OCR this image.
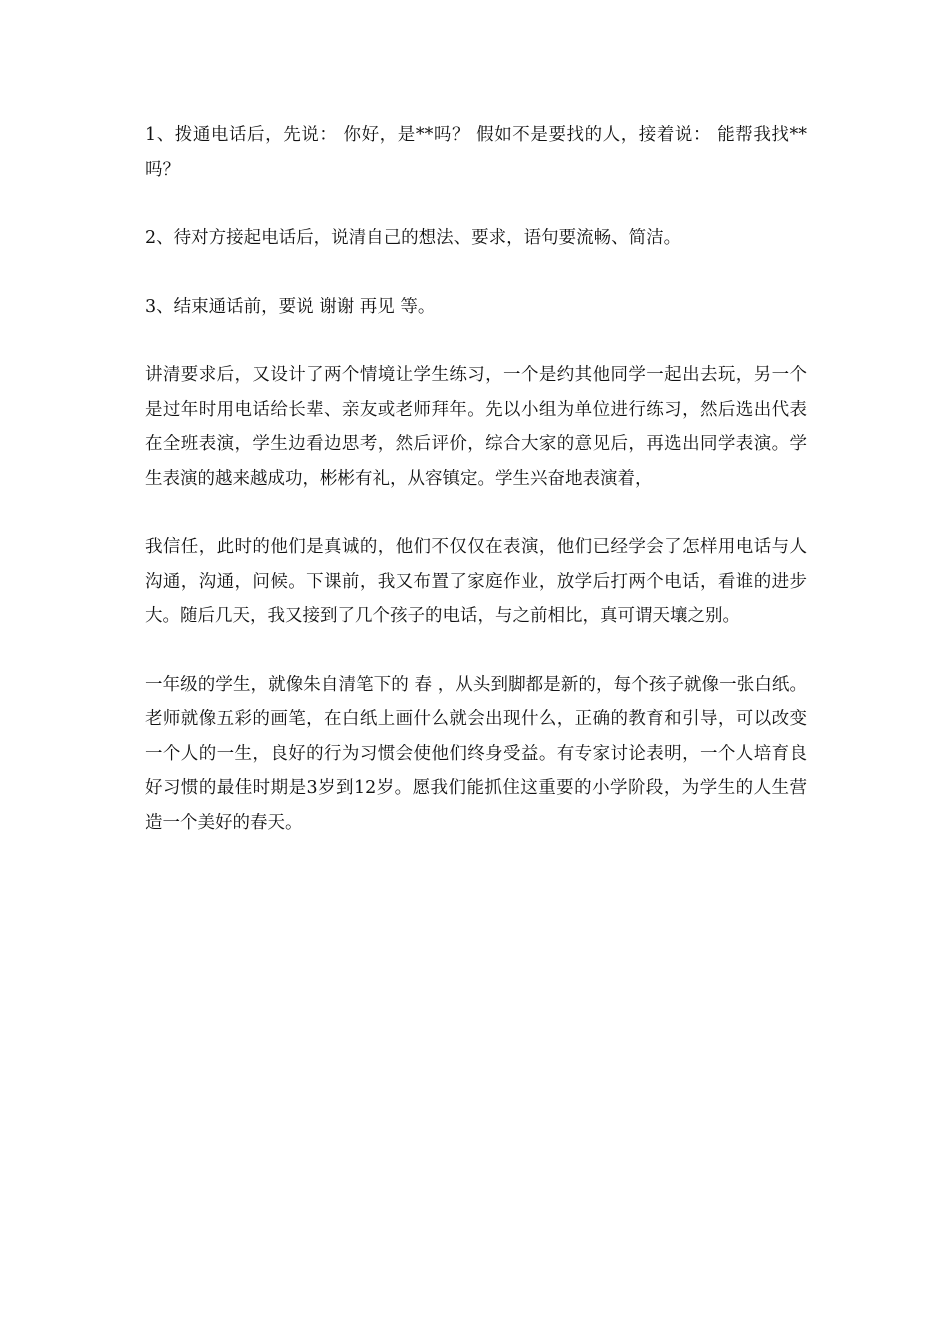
1、拨通电话后，先说： 你好，是**吗？ 假如不是要找的人，接着说： 能帮我找**吗？

2、待对方接起电话后，说清自己的想法、要求，语句要流畅、简洁。

3、结束通话前，要说 谢谢 再见 等。

讲清要求后，又设计了两个情境让学生练习，一个是约其他同学一起出去玩，另一个是过年时用电话给长辈、亲友或老师拜年。先以小组为单位进行练习，然后选出代表在全班表演，学生边看边思考，然后评价，综合大家的意见后，再选出同学表演。学生表演的越来越成功，彬彬有礼，从容镇定。学生兴奋地表演着，

我信任，此时的他们是真诚的，他们不仅仅在表演，他们已经学会了怎样用电话与人沟通，沟通，问候。下课前，我又布置了家庭作业，放学后打两个电话，看谁的进步大。随后几天，我又接到了几个孩子的电话，与之前相比，真可谓天壤之别。

一年级的学生，就像朱自清笔下的 春 ，从头到脚都是新的，每个孩子就像一张白纸。老师就像五彩的画笔，在白纸上画什么就会出现什么，正确的教育和引导，可以改变一个人的一生，良好的行为习惯会使他们终身受益。有专家讨论表明，一个人培育良好习惯的最佳时期是3岁到12岁。愿我们能抓住这重要的小学阶段，为学生的人生营造一个美好的春天。
